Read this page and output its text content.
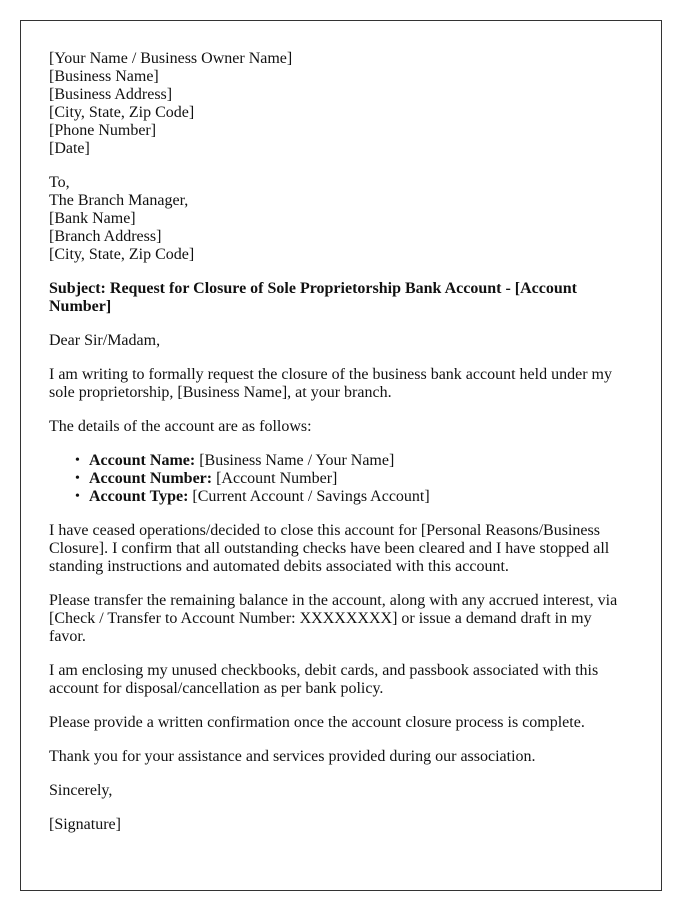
[Your Name / Business Owner Name]
[Business Name]
[Business Address]
[City, State, Zip Code]
[Phone Number]
[Date]
To,
The Branch Manager,
[Bank Name]
[Branch Address]
[City, State, Zip Code]

Subject: Request for Closure of Sole Proprietorship Bank Account - [Account Number]

Dear Sir/Madam,

I am writing to formally request the closure of the business bank account held under my sole proprietorship, [Business Name], at your branch.

The details of the account are as follows:

• Account Name: [Business Name / Your Name]
• Account Number: [Account Number]
• Account Type: [Current Account / Savings Account]

I have ceased operations/decided to close this account for [Personal Reasons/Business Closure]. I confirm that all outstanding checks have been cleared and I have stopped all standing instructions and automated debits associated with this account.

Please transfer the remaining balance in the account, along with any accrued interest, via [Check / Transfer to Account Number: XXXXXXXX] or issue a demand draft in my favor.

I am enclosing my unused checkbooks, debit cards, and passbook associated with this account for disposal/cancellation as per bank policy.

Please provide a written confirmation once the account closure process is complete.

Thank you for your assistance and services provided during our association.

Sincerely,

[Signature]
